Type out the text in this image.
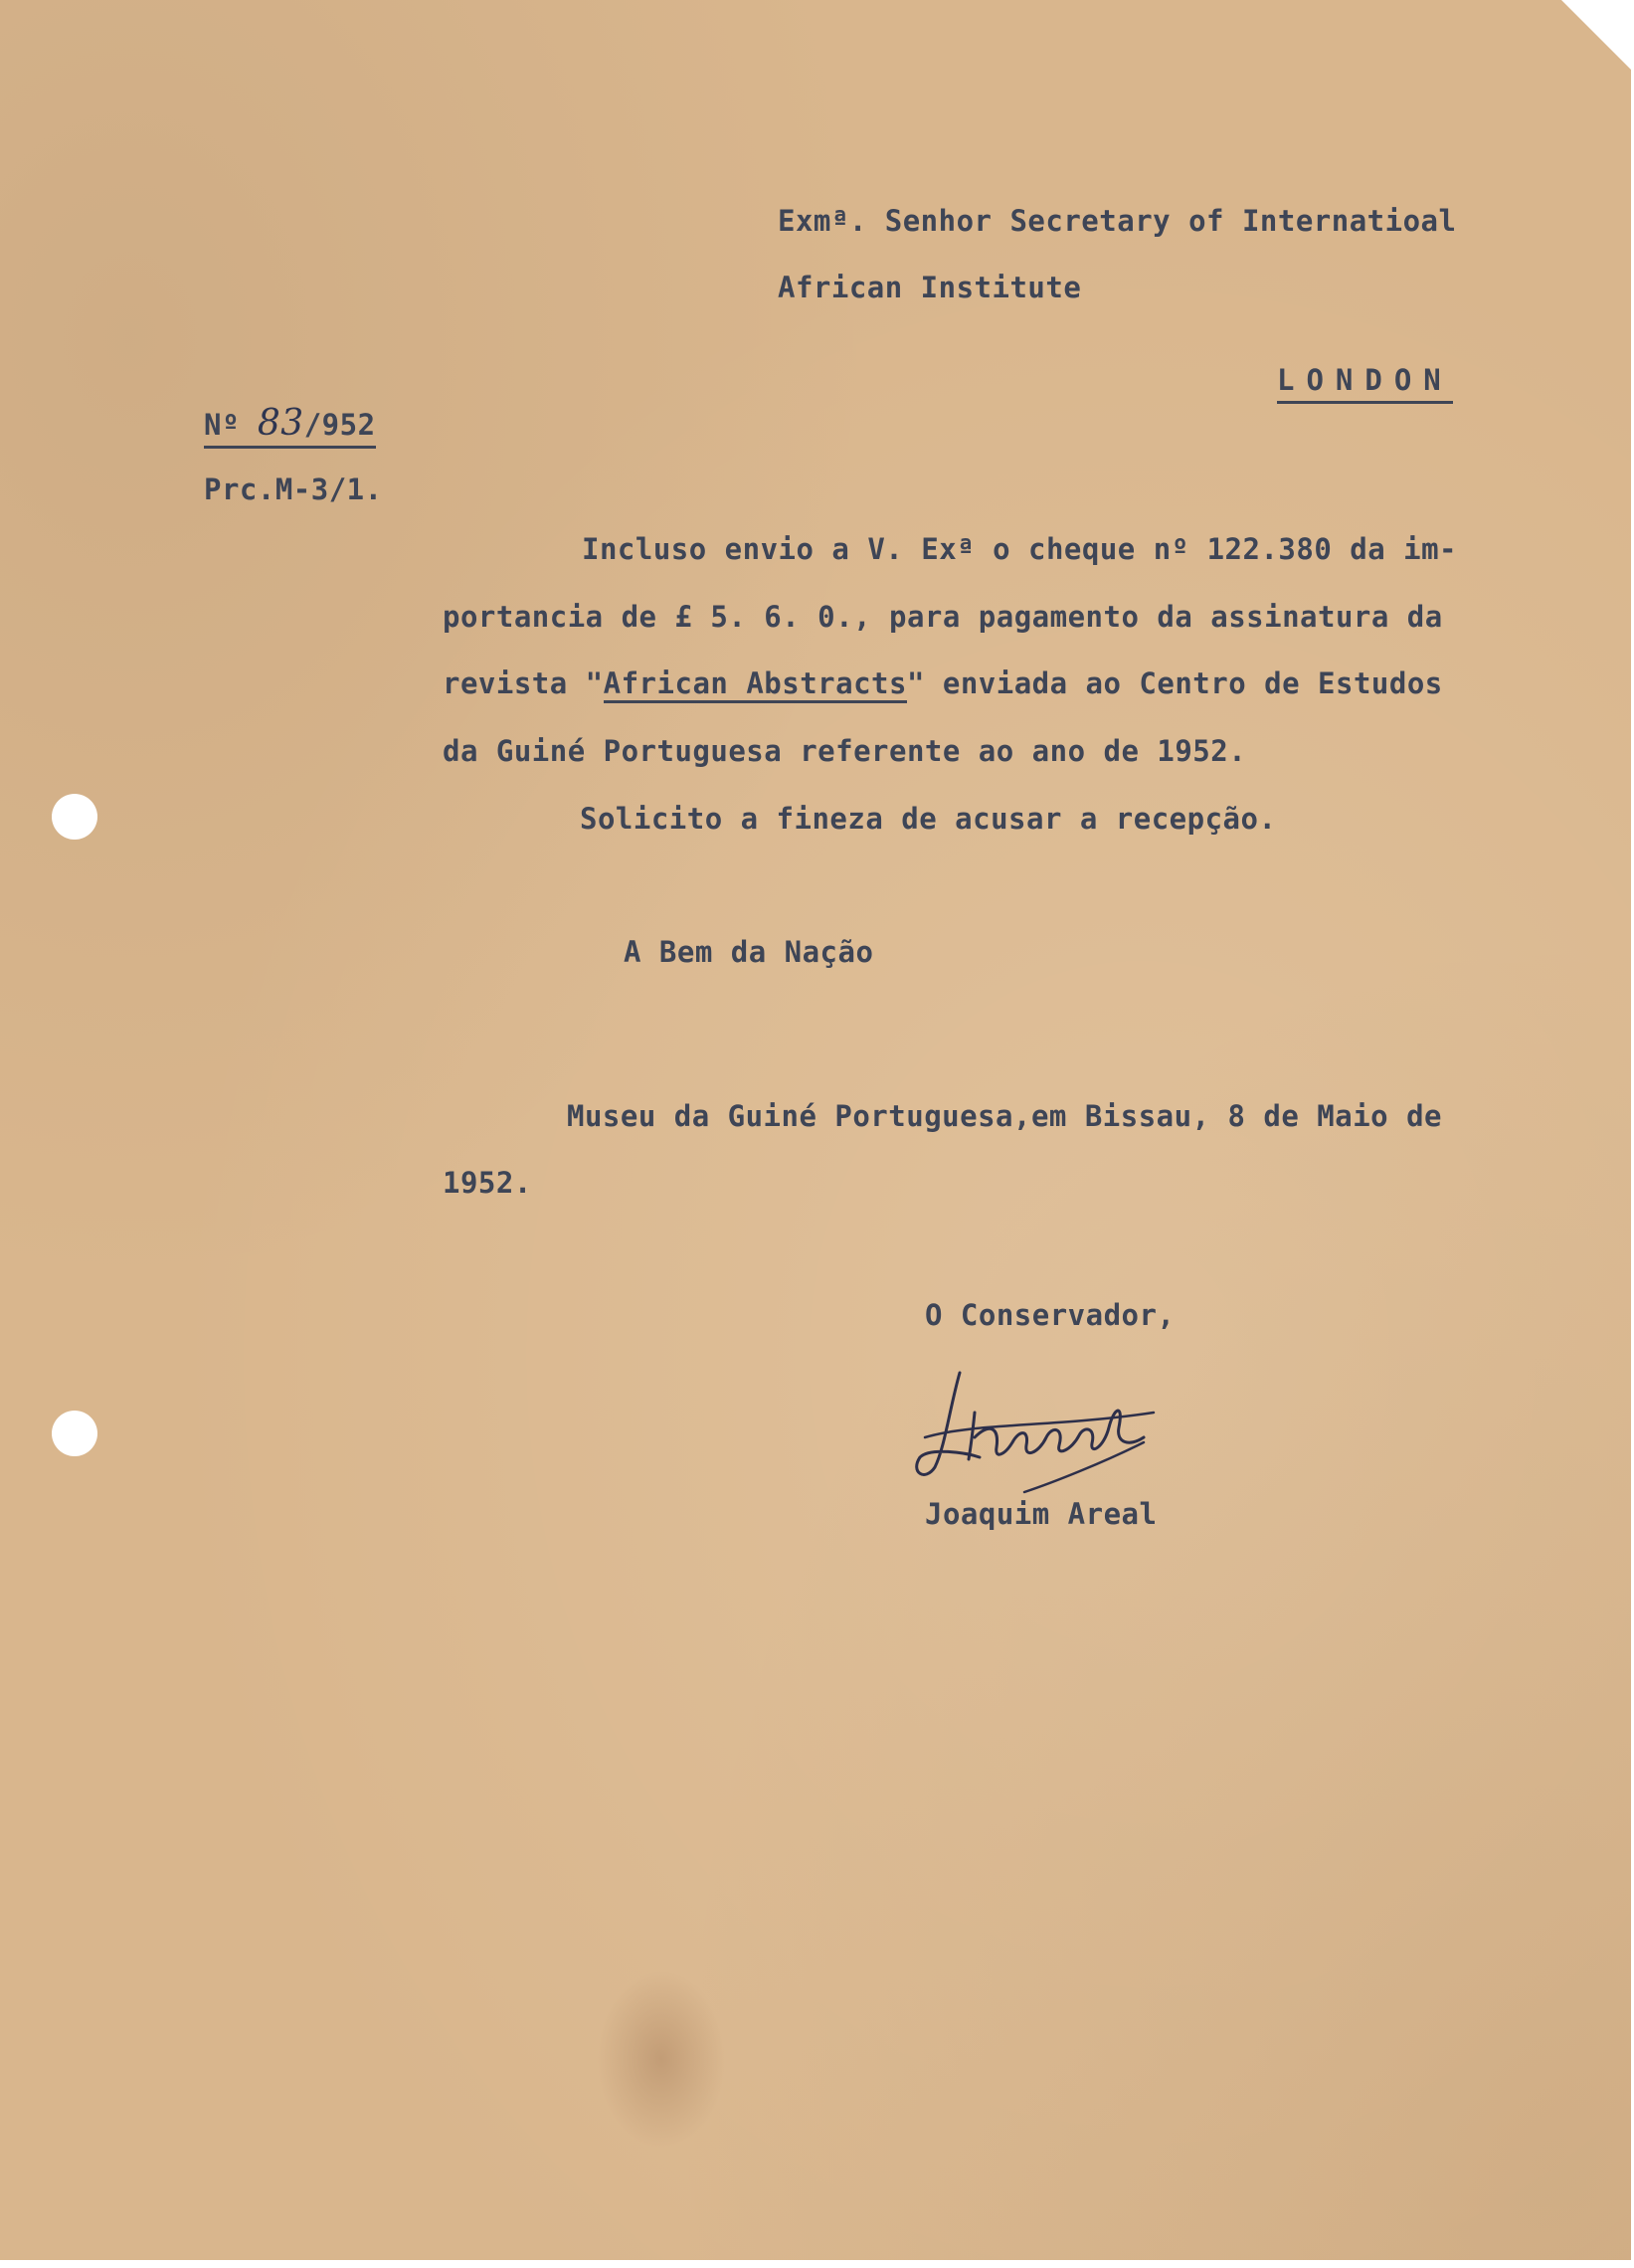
Exmª. Senhor Secretary of Internatioal
African Institute
LONDON
Nº 83/952
Prc.M-3/1.
Incluso envio a V. Exª o cheque nº 122.380 da im-
portancia de £ 5. 6. 0., para pagamento da assinatura da
revista "African Abstracts" enviada ao Centro de Estudos
da Guiné Portuguesa referente ao ano de 1952.
Solicito a fineza de acusar a recepção.
A Bem da Nação
Museu da Guiné Portuguesa,em Bissau, 8 de Maio de
1952.
O Conservador,
Joaquim Areal
